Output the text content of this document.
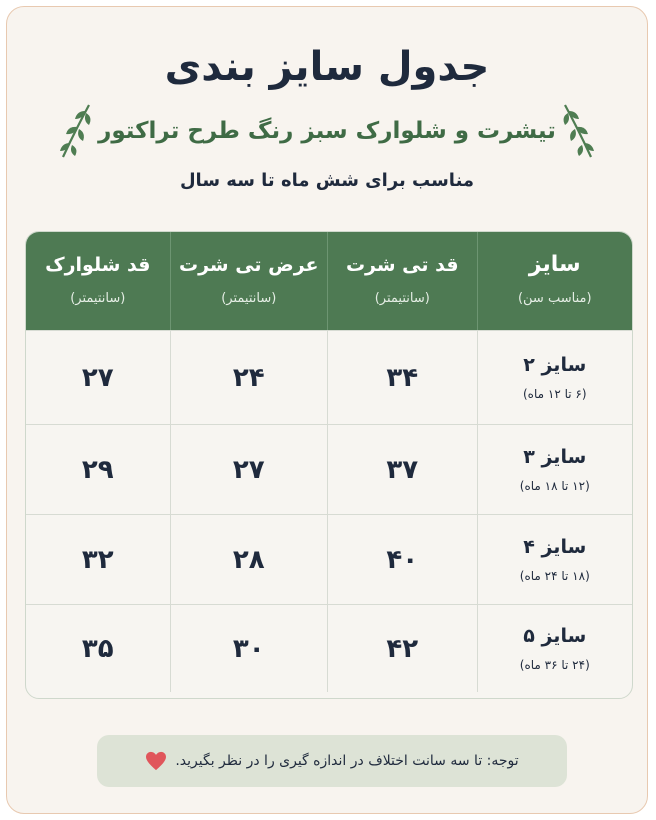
جدول سایز بندی
تیشرت و شلوارک سبز رنگ طرح تراکتور
مناسب برای شش ماه تا سه سال
سایز
(مناسب سن)
قد تی شرت
(سانتیمتر)
عرض تی شرت
(سانتیمتر)
قد شلوارک
(سانتیمتر)
سایز ۲
(۶ تا ۱۲ ماه)
۳۴
۲۴
۲۷
سایز ۳
(۱۲ تا ۱۸ ماه)
۳۷
۲۷
۲۹
سایز ۴
(۱۸ تا ۲۴ ماه)
۴۰
۲۸
۳۲
سایز ۵
(۲۴ تا ۳۶ ماه)
۴۲
۳۰
۳۵
توجه: تا سه سانت اختلاف در اندازه گیری را در نظر بگیرید.
